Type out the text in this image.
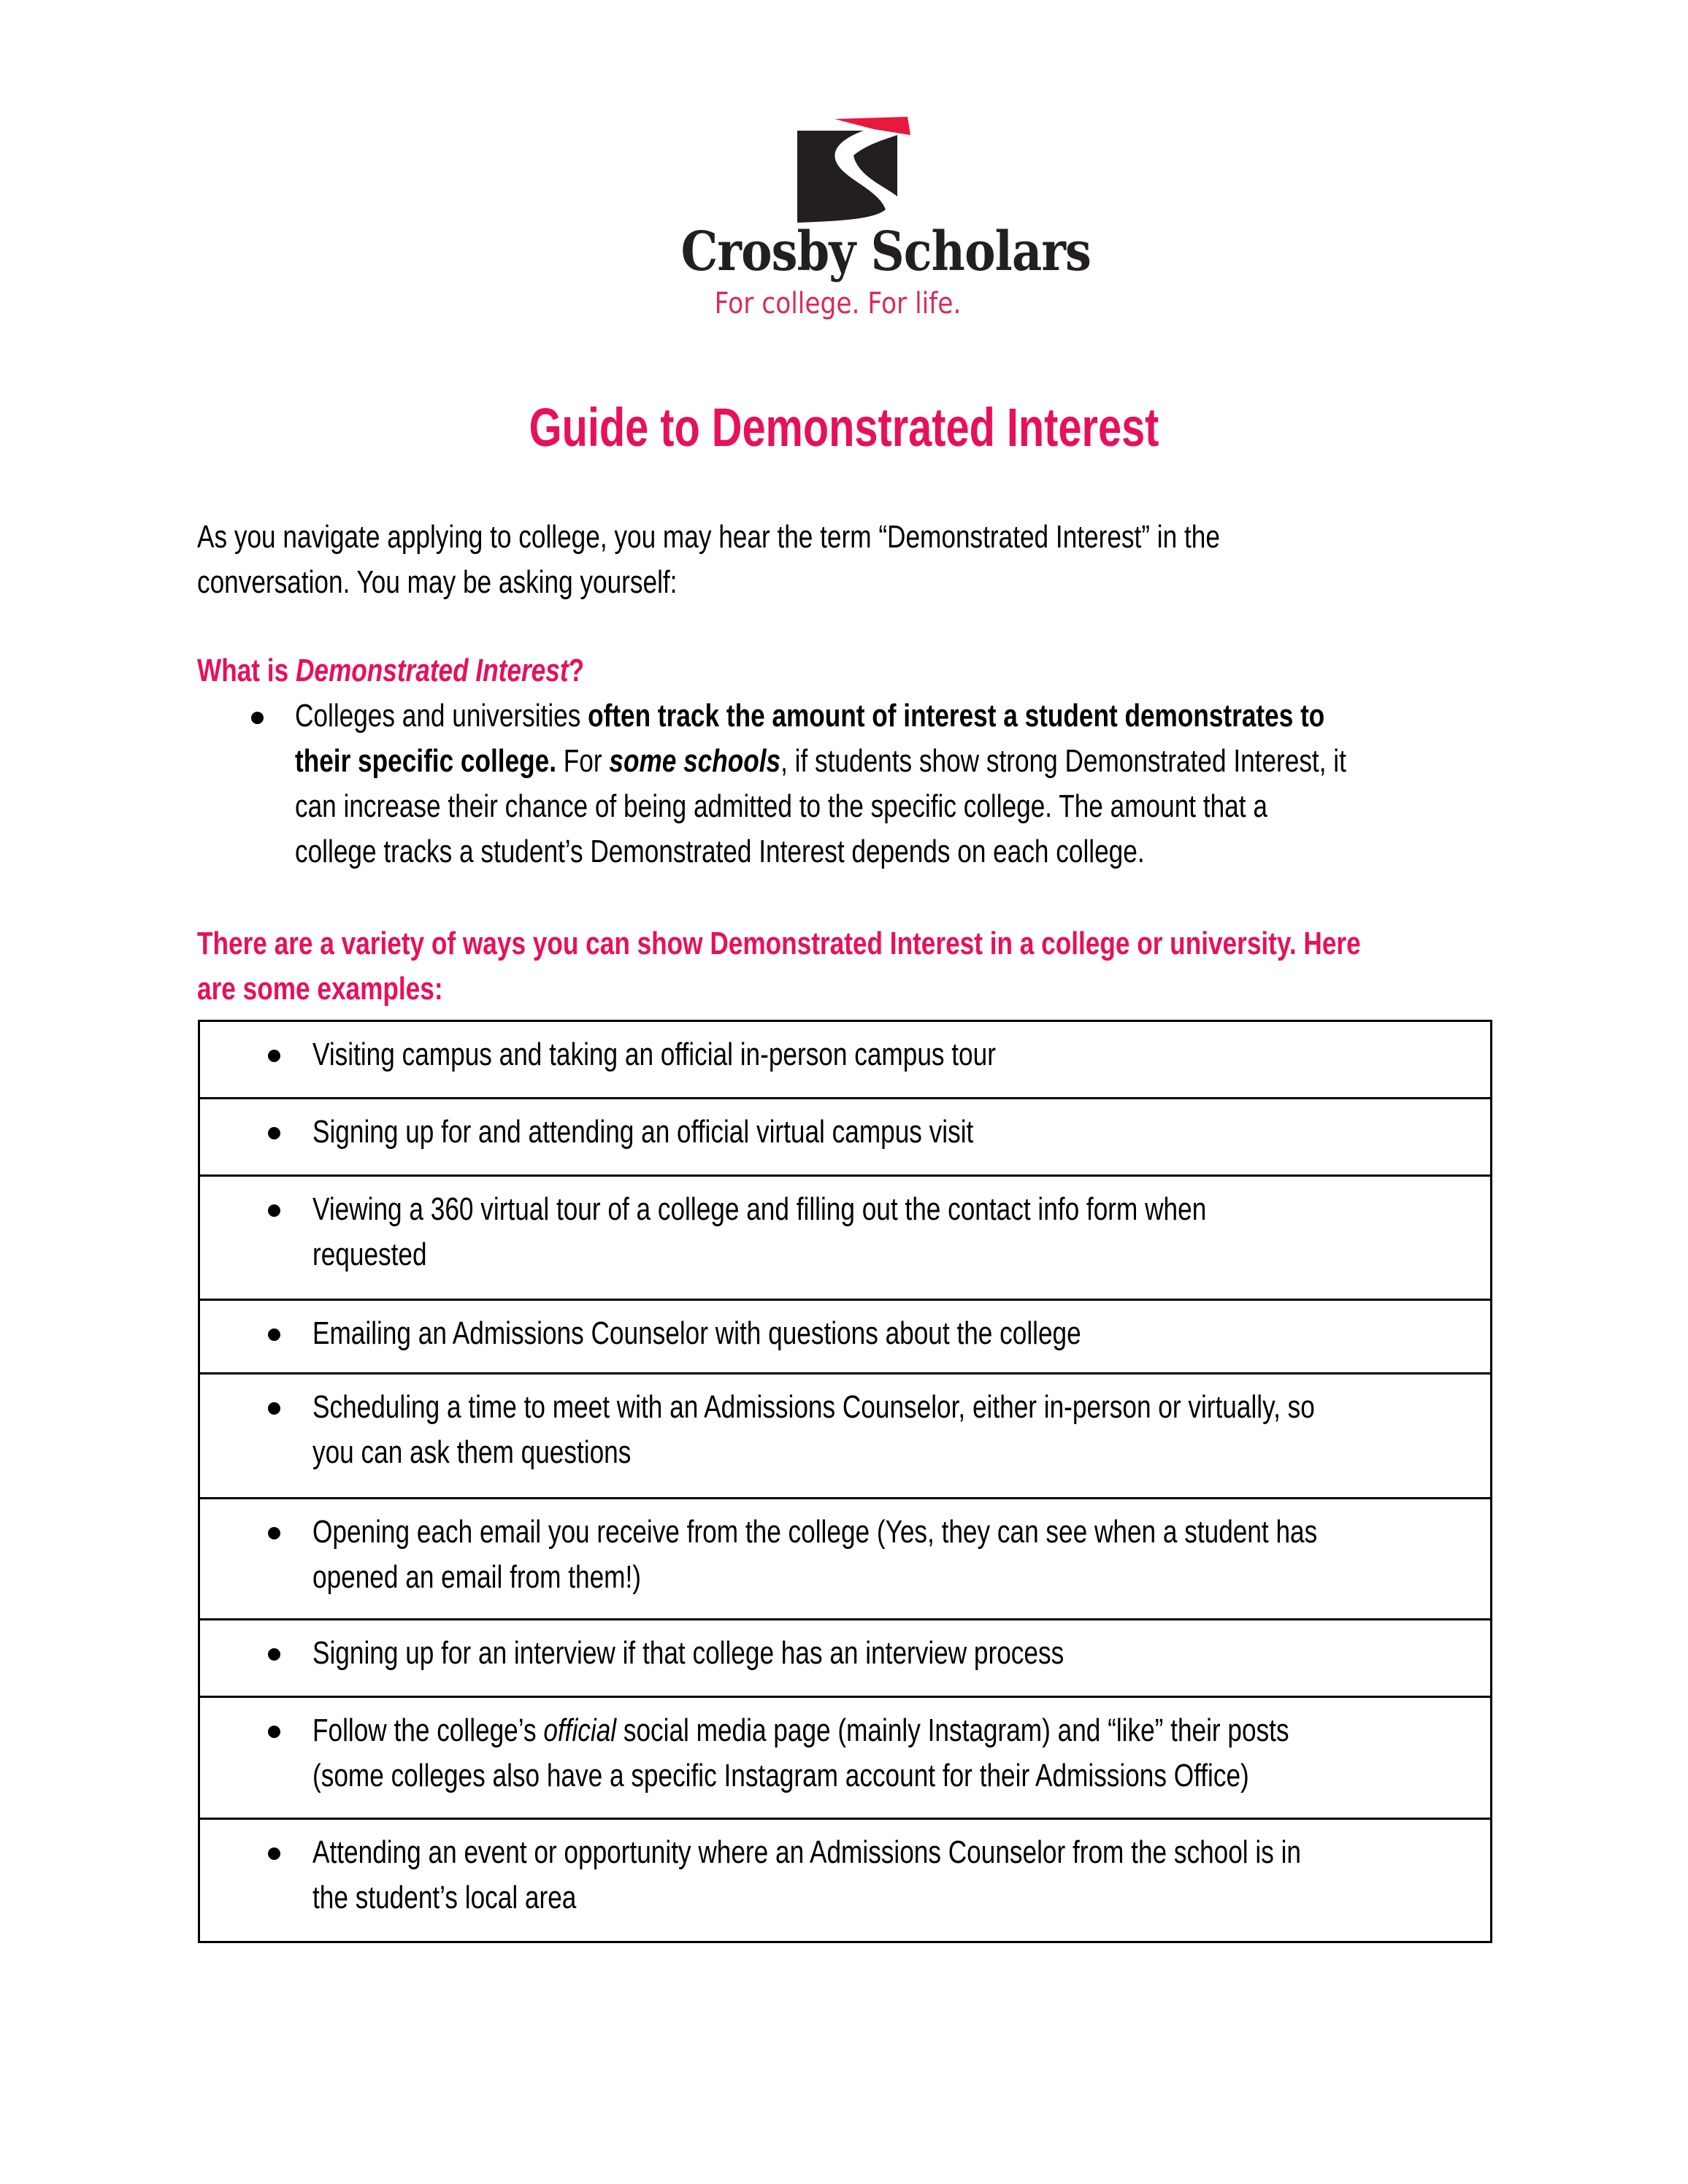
Crosby Scholars
For college. For life.
Guide to Demonstrated Interest
As you navigate applying to college, you may hear the term “Demonstrated Interest” in the
conversation. You may be asking yourself:
What is Demonstrated Interest?
Colleges and universities often track the amount of interest a student demonstrates to
their specific college. For some schools, if students show strong Demonstrated Interest, it
can increase their chance of being admitted to the specific college. The amount that a
college tracks a student’s Demonstrated Interest depends on each college.
There are a variety of ways you can show Demonstrated Interest in a college or university. Here
are some examples:
Visiting campus and taking an official in-person campus tour
Signing up for and attending an official virtual campus visit
Viewing a 360 virtual tour of a college and filling out the contact info form when
requested
Emailing an Admissions Counselor with questions about the college
Scheduling a time to meet with an Admissions Counselor, either in-person or virtually, so
you can ask them questions
Opening each email you receive from the college (Yes, they can see when a student has
opened an email from them!)
Signing up for an interview if that college has an interview process
Follow the college’s official social media page (mainly Instagram) and “like” their posts
(some colleges also have a specific Instagram account for their Admissions Office)
Attending an event or opportunity where an Admissions Counselor from the school is in
the student’s local area
